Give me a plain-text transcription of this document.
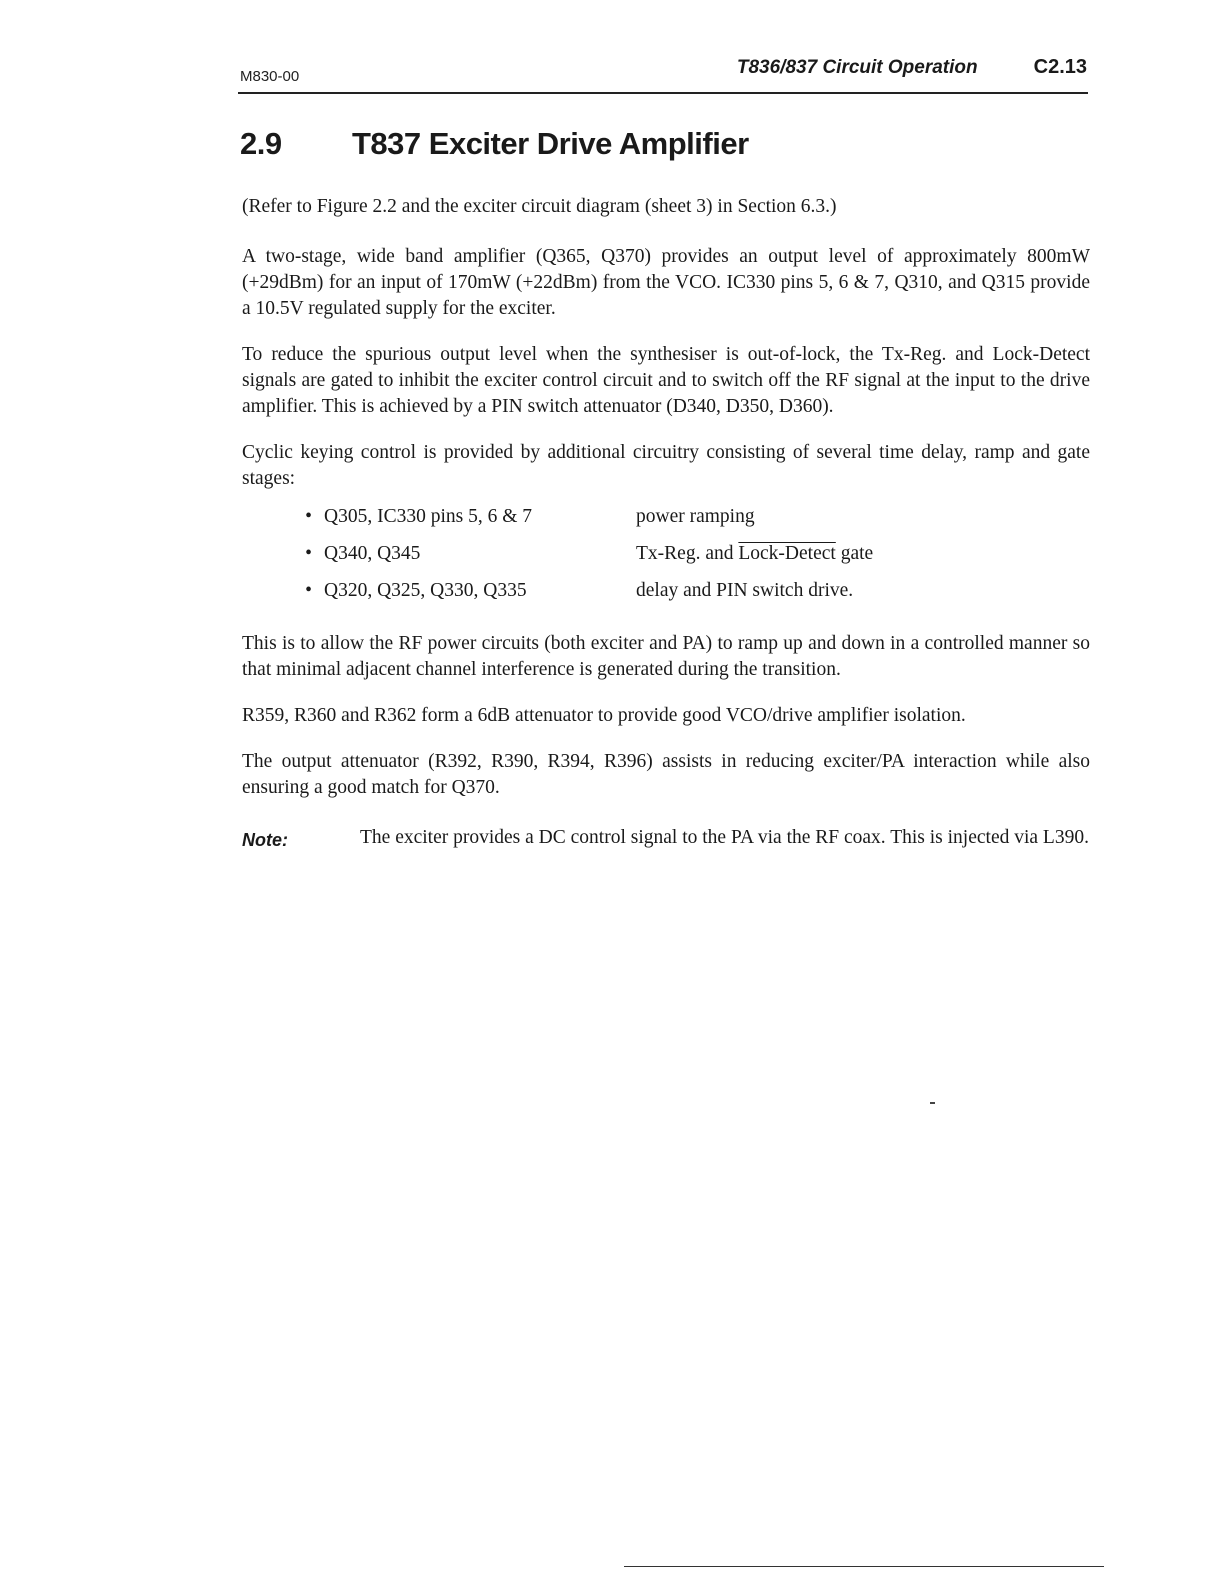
M830-00	T836/837 Circuit Operation	C2.13
2.9	T837 Exciter Drive Amplifier

(Refer to Figure 2.2 and the exciter circuit diagram (sheet 3) in Section 6.3.)

A two-stage, wide band amplifier (Q365, Q370) provides an output level of approximately 800mW (+29dBm) for an input of 170mW (+22dBm) from the VCO. IC330 pins 5, 6 & 7, Q310, and Q315 provide a 10.5V regulated supply for the exciter.

To reduce the spurious output level when the synthesiser is out-of-lock, the Tx-Reg. and Lock-Detect signals are gated to inhibit the exciter control circuit and to switch off the RF signal at the input to the drive amplifier. This is achieved by a PIN switch attenuator (D340, D350, D360).

Cyclic keying control is provided by additional circuitry consisting of several time delay, ramp and gate stages:

• Q305, IC330 pins 5, 6 & 7	power ramping
• Q340, Q345	Tx-Reg. and Lock-Detect gate
• Q320, Q325, Q330, Q335	delay and PIN switch drive.

This is to allow the RF power circuits (both exciter and PA) to ramp up and down in a controlled manner so that minimal adjacent channel interference is generated during the transition.

R359, R360 and R362 form a 6dB attenuator to provide good VCO/drive amplifier isolation.

The output attenuator (R392, R390, R394, R396) assists in reducing exciter/PA interaction while also ensuring a good match for Q370.

Note:	The exciter provides a DC control signal to the PA via the RF coax. This is injected via L390.
